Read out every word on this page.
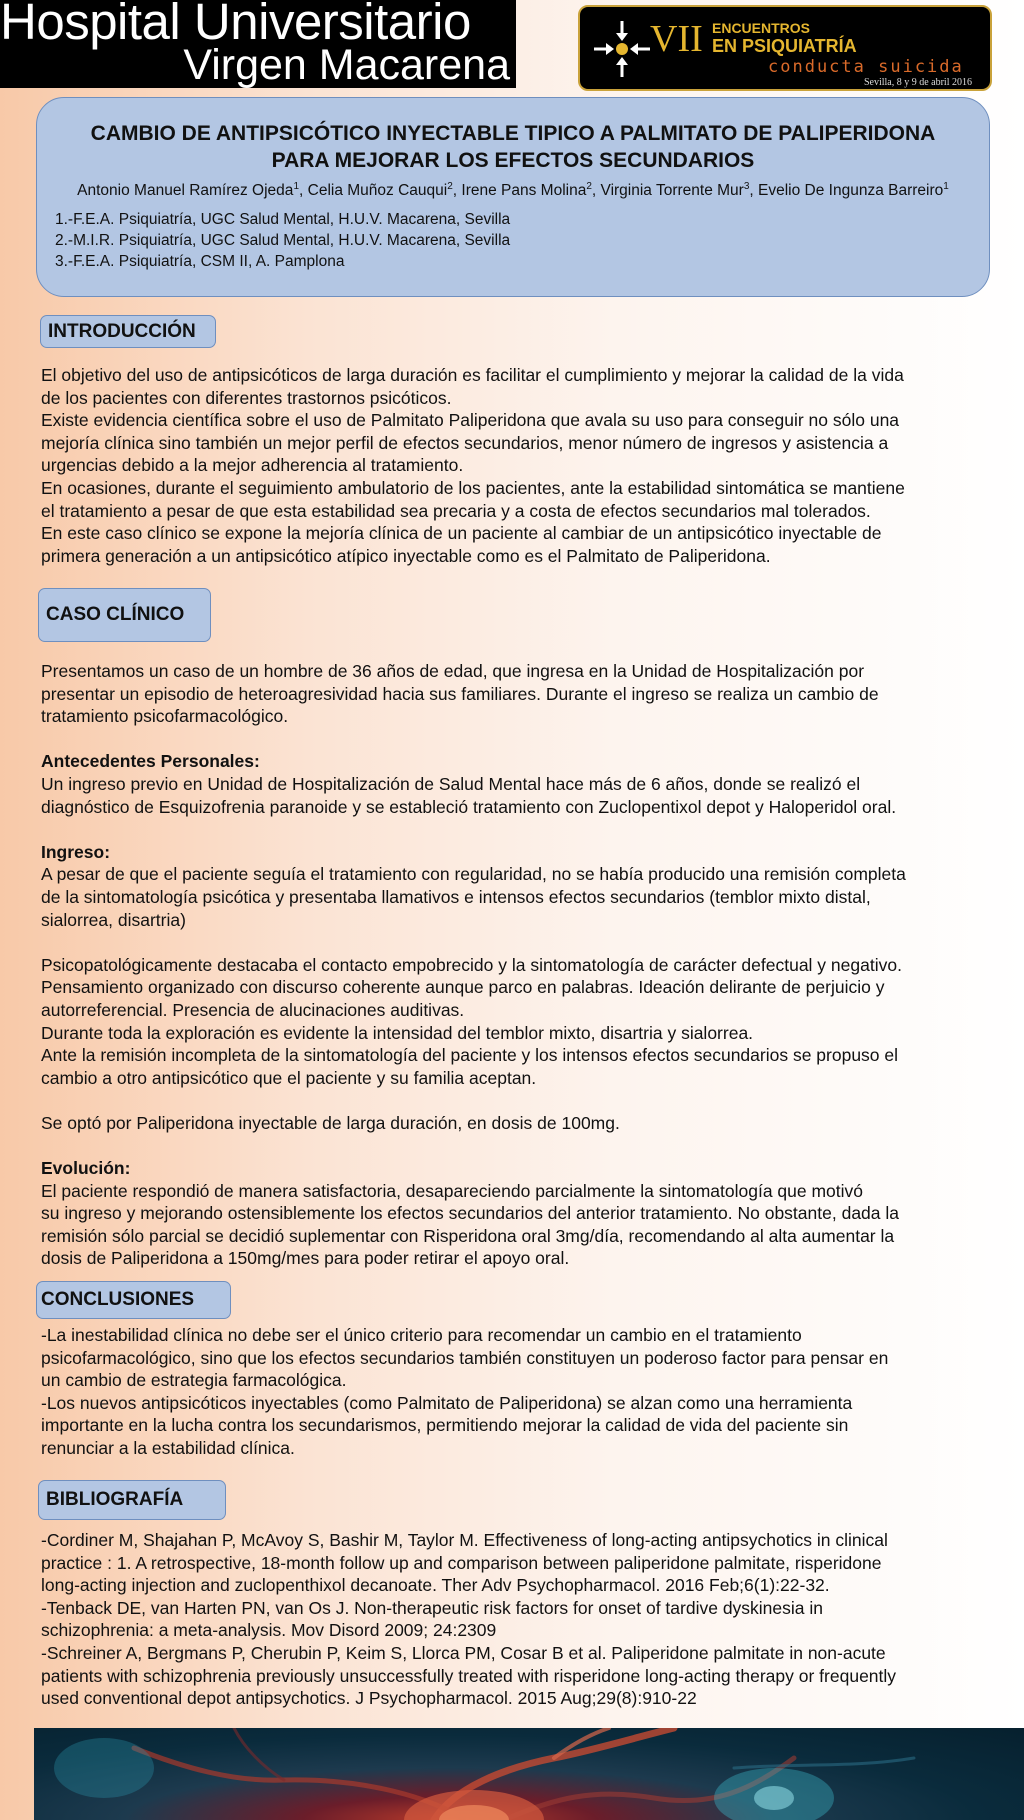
Hospital Universitario
Virgen Macarena
VII ENCUENTROS
EN PSIQUIATRÍA
conducta suicida
Sevilla, 8 y 9 de abril 2016
CAMBIO DE ANTIPSICÓTICO INYECTABLE TIPICO A PALMITATO DE PALIPERIDONA
PARA MEJORAR LOS EFECTOS SECUNDARIOS
Antonio Manuel Ramírez Ojeda$^1$, Celia Muñoz Cauqui$^2$, Irene Pans Molina$^2$, Virginia Torrente Mur$^3$, Evelio De Ingunza Barreiro$^1$
1.-F.E.A. Psiquiatría, UGC Salud Mental, H.U.V. Macarena, Sevilla
2.-M.I.R. Psiquiatría, UGC Salud Mental, H.U.V. Macarena, Sevilla
3.-F.E.A. Psiquiatría, CSM II, A. Pamplona
INTRODUCCIÓN

El objetivo del uso de antipsicóticos de larga duración es facilitar el cumplimiento y mejorar la calidad de la vida

de los pacientes con diferentes trastornos psicóticos.

Existe evidencia científica sobre el uso de Palmitato Paliperidona que avala su uso para conseguir no sólo una

mejoría clínica sino también un mejor perfil de efectos secundarios, menor número de ingresos y asistencia a

urgencias debido a la mejor adherencia al tratamiento.

En ocasiones, durante el seguimiento ambulatorio de los pacientes, ante la estabilidad sintomática se mantiene

el tratamiento a pesar de que esta estabilidad sea precaria y a costa de efectos secundarios mal tolerados.

En este caso clínico se expone la mejoría clínica de un paciente al cambiar de un antipsicótico inyectable de

primera generación a un antipsicótico atípico inyectable como es el Palmitato de Paliperidona.

CASO CLÍNICO

Presentamos un caso de un hombre de 36 años de edad, que ingresa en la Unidad de Hospitalización por

presentar un episodio de heteroagresividad hacia sus familiares. Durante el ingreso se realiza un cambio de

tratamiento psicofarmacológico.

Antecedentes Personales:

Un ingreso previo en Unidad de Hospitalización de Salud Mental hace más de 6 años, donde se realizó el

diagnóstico de Esquizofrenia paranoide y se estableció tratamiento con Zuclopentixol depot y Haloperidol oral.

Ingreso:

A pesar de que el paciente seguía el tratamiento con regularidad, no se había producido una remisión completa

de la sintomatología psicótica y presentaba llamativos e intensos efectos secundarios (temblor mixto distal,

sialorrea, disartria)

Psicopatológicamente destacaba el contacto empobrecido y la sintomatología de carácter defectual y negativo.

Pensamiento organizado con discurso coherente aunque parco en palabras. Ideación delirante de perjuicio y

autorreferencial. Presencia de alucinaciones auditivas.

Durante toda la exploración es evidente la intensidad del temblor mixto, disartria y sialorrea.

Ante la remisión incompleta de la sintomatología del paciente y los intensos efectos secundarios se propuso el

cambio a otro antipsicótico que el paciente y su familia aceptan.

Se optó por Paliperidona inyectable de larga duración, en dosis de 100mg.

Evolución:

El paciente respondió de manera satisfactoria, desapareciendo parcialmente la sintomatología que motivó

su ingreso y mejorando ostensiblemente los efectos secundarios del anterior tratamiento. No obstante, dada la

remisión sólo parcial se decidió suplementar con Risperidona oral 3mg/día, recomendando al alta aumentar la

dosis de Paliperidona a 150mg/mes para poder retirar el apoyo oral.

CONCLUSIONES

-La inestabilidad clínica no debe ser el único criterio para recomendar un cambio en el tratamiento

psicofarmacológico, sino que los efectos secundarios también constituyen un poderoso factor para pensar en

un cambio de estrategia farmacológica.

-Los nuevos antipsicóticos inyectables (como Palmitato de Paliperidona) se alzan como una herramienta

importante en la lucha contra los secundarismos, permitiendo mejorar la calidad de vida del paciente sin

renunciar a la estabilidad clínica.

BIBLIOGRAFÍA

-Cordiner M, Shajahan P, McAvoy S, Bashir M, Taylor M. Effectiveness of long-acting antipsychotics in clinical

practice : 1. A retrospective, 18-month follow up and comparison between paliperidone palmitate, risperidone

long-acting injection and zuclopenthixol decanoate. Ther Adv Psychopharmacol. 2016 Feb;6(1):22-32.

-Tenback DE, van Harten PN, van Os J. Non-therapeutic risk factors for onset of tardive dyskinesia in

schizophrenia: a meta-analysis. Mov Disord 2009; 24:2309

-Schreiner A, Bergmans P, Cherubin P, Keim S, Llorca PM, Cosar B et al. Paliperidone palmitate in non-acute

patients with schizophrenia previously unsuccessfully treated with risperidone long-acting therapy or frequently

used conventional depot antipsychotics. J Psychopharmacol. 2015 Aug;29(8):910-22
